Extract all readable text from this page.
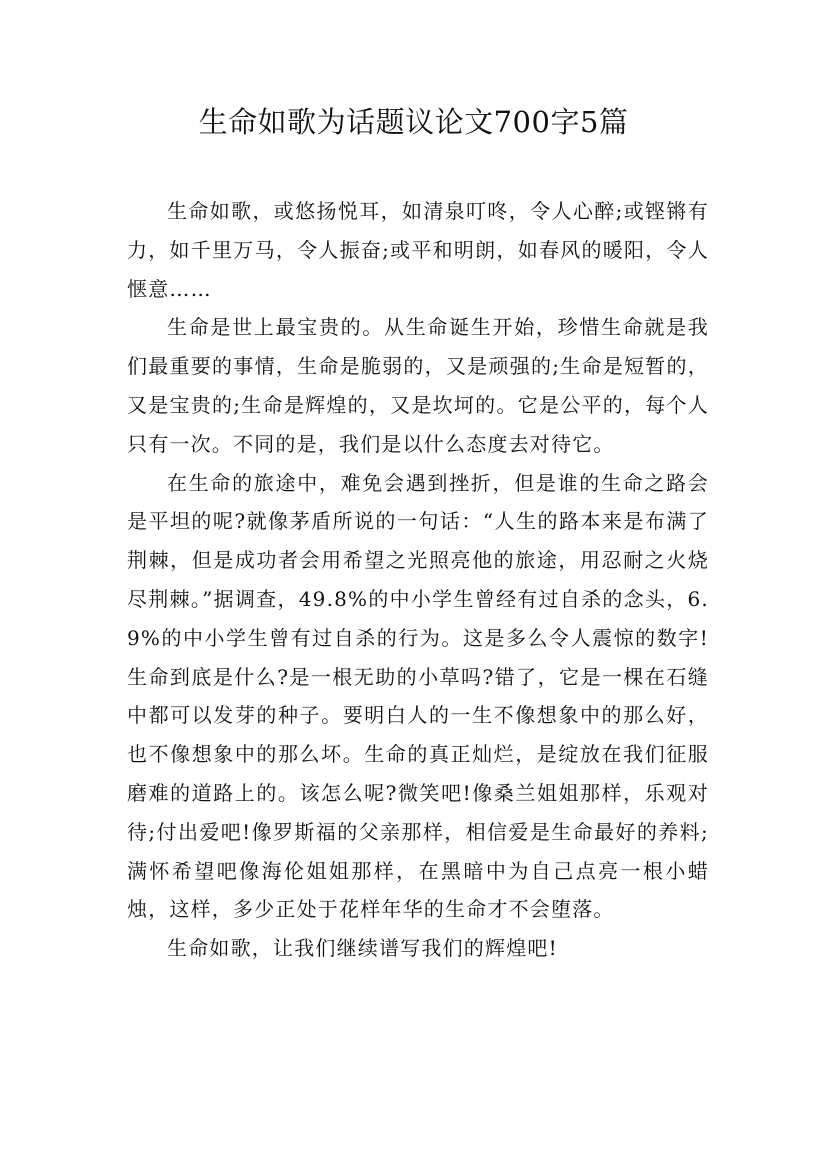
生命如歌为话题议论文700字5篇

生命如歌，或悠扬悦耳，如清泉叮咚，令人心醉;或铿锵有力，如千里万马，令人振奋;或平和明朗，如春风的暖阳，令人惬意……

生命是世上最宝贵的。从生命诞生开始，珍惜生命就是我们最重要的事情，生命是脆弱的，又是顽强的;生命是短暂的，又是宝贵的;生命是辉煌的，又是坎坷的。它是公平的，每个人只有一次。不同的是，我们是以什么态度去对待它。

在生命的旅途中，难免会遇到挫折，但是谁的生命之路会是平坦的呢?就像茅盾所说的一句话：“人生的路本来是布满了荆棘，但是成功者会用希望之光照亮他的旅途，用忍耐之火烧尽荆棘。”据调查，49.8%的中小学生曾经有过自杀的念头，6.9%的中小学生曾有过自杀的行为。这是多么令人震惊的数字!生命到底是什么?是一根无助的小草吗?错了，它是一棵在石缝中都可以发芽的种子。要明白人的一生不像想象中的那么好，也不像想象中的那么坏。生命的真正灿烂，是绽放在我们征服磨难的道路上的。该怎么呢?微笑吧!像桑兰姐姐那样，乐观对待;付出爱吧!像罗斯福的父亲那样，相信爱是生命最好的养料;满怀希望吧像海伦姐姐那样，在黑暗中为自己点亮一根小蜡烛，这样，多少正处于花样年华的生命才不会堕落。

生命如歌，让我们继续谱写我们的辉煌吧!
